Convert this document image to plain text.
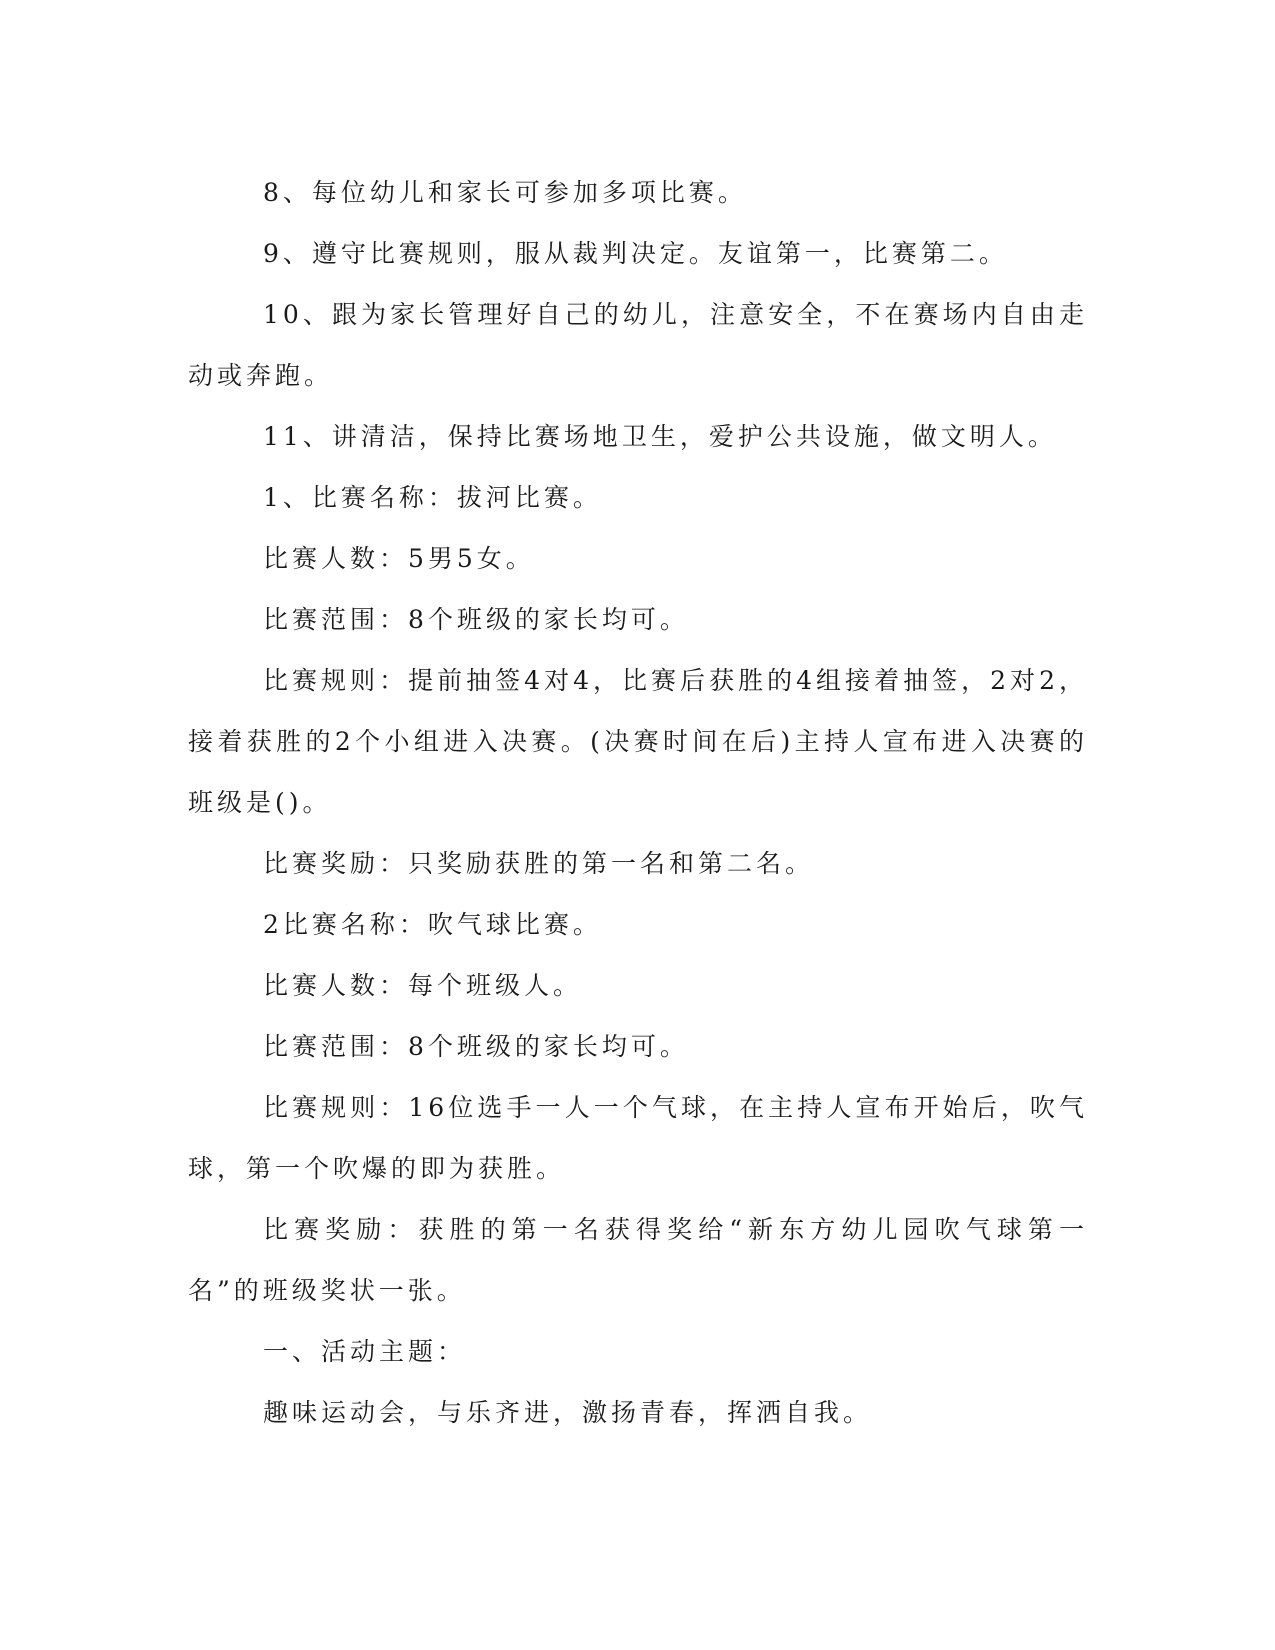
8、每位幼儿和家长可参加多项比赛。

9、遵守比赛规则，服从裁判决定。友谊第一，比赛第二。

10、跟为家长管理好自己的幼儿，注意安全，不在赛场内自由走动或奔跑。

11、讲清洁，保持比赛场地卫生，爱护公共设施，做文明人。

1、比赛名称：拔河比赛。

比赛人数：5男5女。

比赛范围：8个班级的家长均可。

比赛规则：提前抽签4对4，比赛后获胜的4组接着抽签，2对2，接着获胜的2个小组进入决赛。(决赛时间在后)主持人宣布进入决赛的班级是()。

比赛奖励：只奖励获胜的第一名和第二名。

2比赛名称：吹气球比赛。

比赛人数：每个班级人。

比赛范围：8个班级的家长均可。

比赛规则：16位选手一人一个气球，在主持人宣布开始后，吹气球，第一个吹爆的即为获胜。

比赛奖励：获胜的第一名获得奖给“新东方幼儿园吹气球第一名”的班级奖状一张。

一、活动主题：

趣味运动会，与乐齐进，激扬青春，挥洒自我。
